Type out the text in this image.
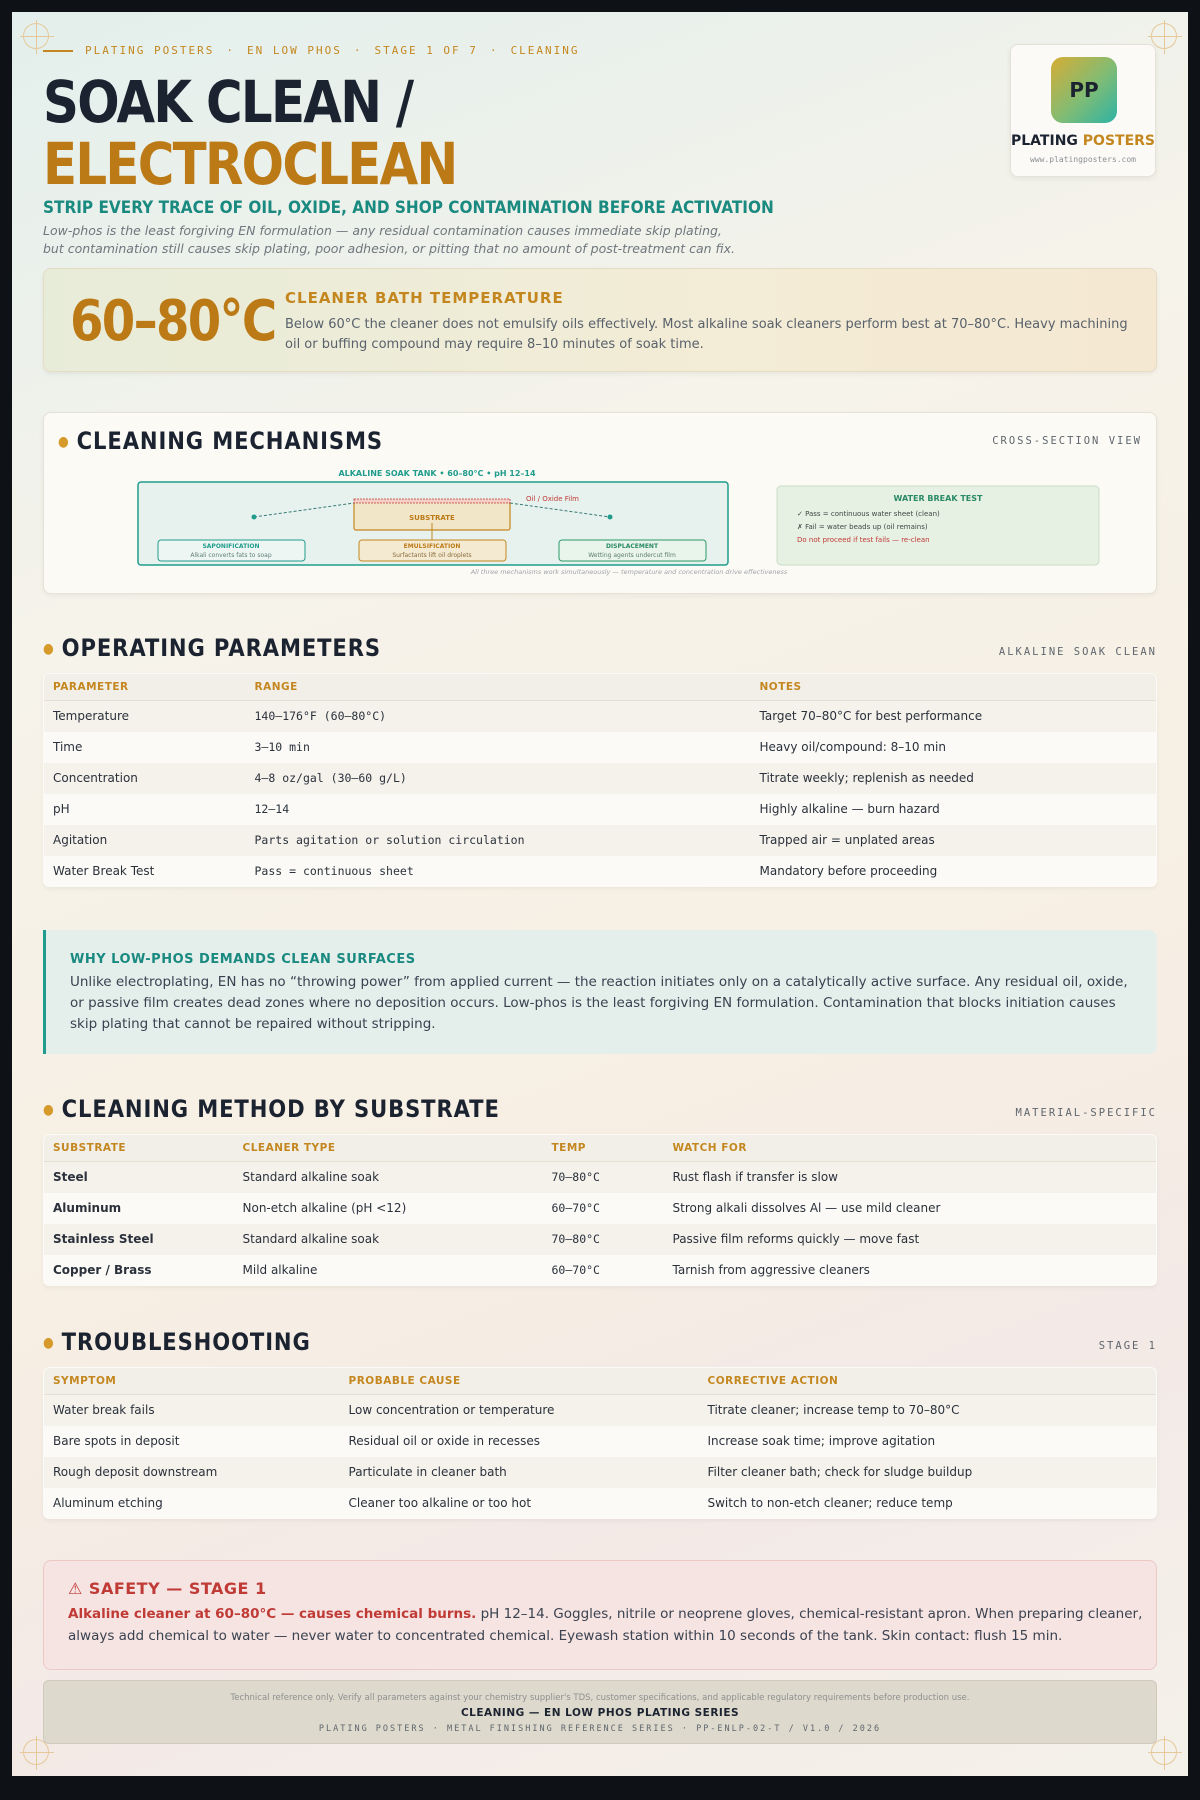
PLATING POSTERS · EN LOW PHOS · STAGE 1 OF 7 · CLEANING
SOAK CLEAN /
ELECTROCLEAN
STRIP EVERY TRACE OF OIL, OXIDE, AND SHOP CONTAMINATION BEFORE ACTIVATION
Low-phos is the least forgiving EN formulation — any residual contamination causes immediate skip plating, but contamination still causes skip plating, poor adhesion, or pitting that no amount of post-treatment can fix.
PP
PLATING POSTERS
www.platingposters.com
60–80°C CLEANER BATH TEMPERATURE
Below 60°C the cleaner does not emulsify oils effectively. Most alkaline soak cleaners perform best at 70–80°C. Heavy machining oil or buffing compound may require 8–10 minutes of soak time.
● CLEANING MECHANISMS	CROSS-SECTION VIEW
ALKALINE SOAK TANK • 60–80°C • pH 12–14
SUBSTRATE
Oil / Oxide Film
SAPONIFICATION
Alkali converts fats to soap
EMULSIFICATION
Surfactants lift oil droplets
DISPLACEMENT
Wetting agents undercut film
WATER BREAK TEST
✓ Pass = continuous water sheet (clean)
✗ Fail = water beads up (oil remains)
Do not proceed if test fails — re-clean
All three mechanisms work simultaneously — temperature and concentration drive effectiveness
● OPERATING PARAMETERS	ALKALINE SOAK CLEAN
PARAMETER	RANGE	NOTES
Temperature	140–176°F (60–80°C)	Target 70–80°C for best performance
Time	3–10 min	Heavy oil/compound: 8–10 min
Concentration	4–8 oz/gal (30–60 g/L)	Titrate weekly; replenish as needed
pH	12–14	Highly alkaline — burn hazard
Agitation	Parts agitation or solution circulation	Trapped air = unplated areas
Water Break Test	Pass = continuous sheet	Mandatory before proceeding
WHY LOW-PHOS DEMANDS CLEAN SURFACES
Unlike electroplating, EN has no “throwing power” from applied current — the reaction initiates only on a catalytically active surface. Any residual oil, oxide, or passive film creates dead zones where no deposition occurs. Low-phos is the least forgiving EN formulation. Contamination that blocks initiation causes skip plating that cannot be repaired without stripping.
● CLEANING METHOD BY SUBSTRATE	MATERIAL-SPECIFIC
SUBSTRATE	CLEANER TYPE	TEMP	WATCH FOR
Steel	Standard alkaline soak	70–80°C	Rust flash if transfer is slow
Aluminum	Non-etch alkaline (pH <12)	60–70°C	Strong alkali dissolves Al — use mild cleaner
Stainless Steel	Standard alkaline soak	70–80°C	Passive film reforms quickly — move fast
Copper / Brass	Mild alkaline	60–70°C	Tarnish from aggressive cleaners
● TROUBLESHOOTING	STAGE 1
SYMPTOM	PROBABLE CAUSE	CORRECTIVE ACTION
Water break fails	Low concentration or temperature	Titrate cleaner; increase temp to 70–80°C
Bare spots in deposit	Residual oil or oxide in recesses	Increase soak time; improve agitation
Rough deposit downstream	Particulate in cleaner bath	Filter cleaner bath; check for sludge buildup
Aluminum etching	Cleaner too alkaline or too hot	Switch to non-etch cleaner; reduce temp
⚠ SAFETY — STAGE 1
Alkaline cleaner at 60–80°C — causes chemical burns. pH 12–14. Goggles, nitrile or neoprene gloves, chemical-resistant apron. When preparing cleaner, always add chemical to water — never water to concentrated chemical. Eyewash station within 10 seconds of the tank. Skin contact: flush 15 min.
Technical reference only. Verify all parameters against your chemistry supplier's TDS, customer specifications, and applicable regulatory requirements before production use.
CLEANING — EN LOW PHOS PLATING SERIES
PLATING POSTERS · METAL FINISHING REFERENCE SERIES · PP-ENLP-02-T / V1.0 / 2026
